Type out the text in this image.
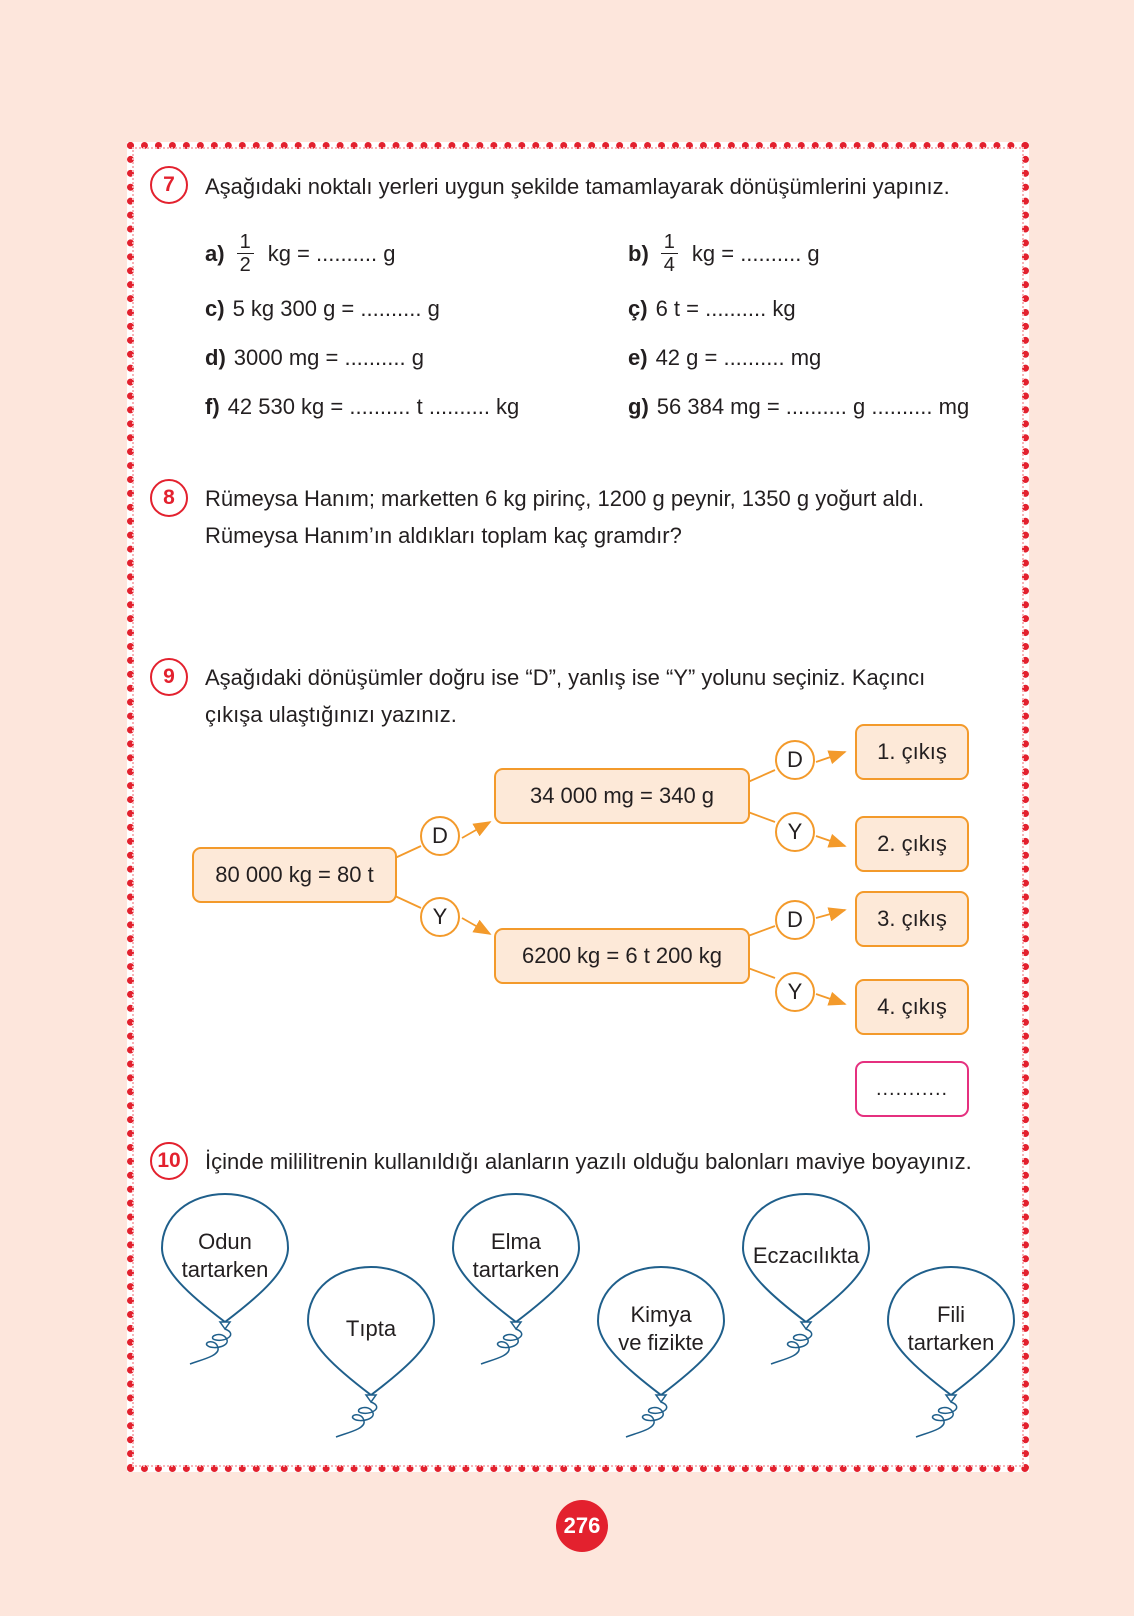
7	Aşağıdaki noktalı yerleri uygun şekilde tamamlayarak dönüşümlerini yapınız.
$a) \frac{1}{2}$ kg = .......... g	$b) \frac{1}{4}$ kg = .......... g
c) 5 kg 300 g = .......... g	ç) 6 t = .......... kg
d) 3000 mg = .......... g	e) 42 g = .......... mg
f) 42 530 kg = .......... t .......... kg	g) 56 384 mg = .......... g .......... mg
8	Rümeysa Hanım; marketten 6 kg pirinç, 1200 g peynir, 1350 g yoğurt aldı.
Rümeysa Hanım’ın aldıkları toplam kaç gramdır?
9	Aşağıdaki dönüşümler doğru ise “D”, yanlış ise “Y” yolunu seçiniz. Kaçıncı
çıkışa ulaştığınızı yazınız.
80 000 kg = 80 t
34 000 mg = 340 g
6200 kg = 6 t 200 kg
D
Y
D
Y
D
Y
1. çıkış
2. çıkış
3. çıkış
4. çıkış
...........
10	İçinde mililitrenin kullanıldığı alanların yazılı olduğu balonları maviye boyayınız.
Odun
tartarken
Tıpta
Elma
tartarken
Kimya
ve fizikte
Eczacılıkta
Fili
tartarken
276
